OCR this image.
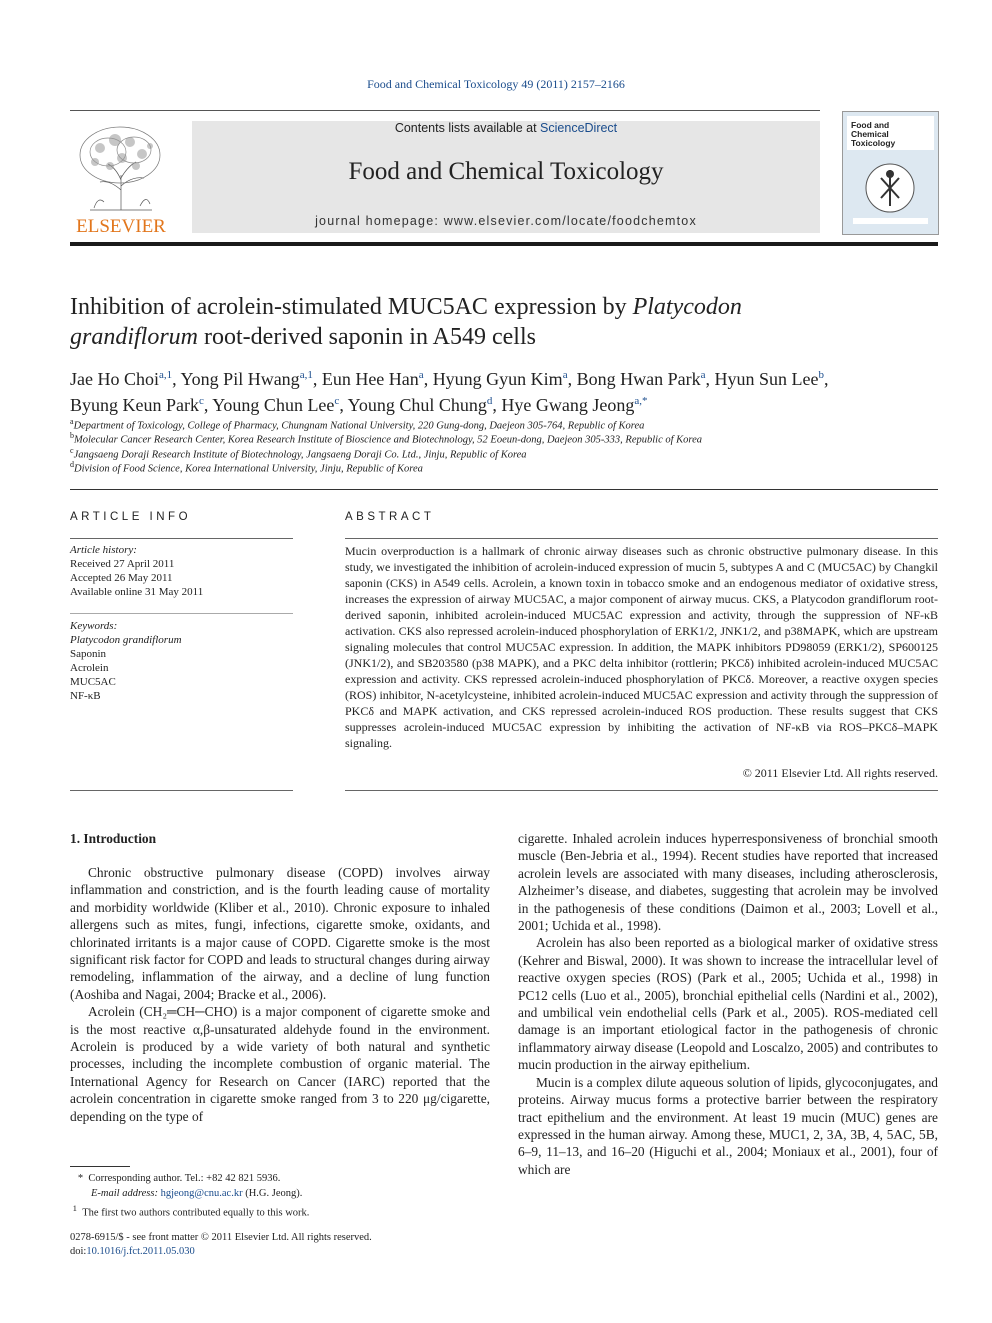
Food and Chemical Toxicology 49 (2011) 2157–2166
ELSEVIER
Contents lists available at ScienceDirect
Food and Chemical Toxicology
journal homepage: www.elsevier.com/locate/foodchemtox
Food and
Chemical
Toxicology
Inhibition of acrolein-stimulated MUC5AC expression by Platycodon
grandiflorum root-derived saponin in A549 cells
Jae Ho Choi$^{a,1}$, Yong Pil Hwang$^{a,1}$, Eun Hee Han$^a$, Hyung Gyun Kim$^a$, Bong Hwan Park$^a$, Hyun Sun Lee$^b$,
Byung Keun Park$^c$, Young Chun Lee$^c$, Young Chul Chung$^d$, Hye Gwang Jeong$^{a,*}$
$^a$Department of Toxicology, College of Pharmacy, Chungnam National University, 220 Gung-dong, Daejeon 305-764, Republic of Korea
$^b$Molecular Cancer Research Center, Korea Research Institute of Bioscience and Biotechnology, 52 Eoeun-dong, Daejeon 305-333, Republic of Korea
$^c$Jangsaeng Doraji Research Institute of Biotechnology, Jangsaeng Doraji Co. Ltd., Jinju, Republic of Korea
$^d$Division of Food Science, Korea International University, Jinju, Republic of Korea
ARTICLE INFO
Article history:
Received 27 April 2011
Accepted 26 May 2011
Available online 31 May 2011
Keywords:
Platycodon grandiflorum
Saponin
Acrolein
MUC5AC
NF-κB
ABSTRACT
Mucin overproduction is a hallmark of chronic airway diseases such as chronic obstructive pulmonary disease. In this study, we investigated the inhibition of acrolein-induced expression of mucin 5, subtypes A and C (MUC5AC) by Changkil saponin (CKS) in A549 cells. Acrolein, a known toxin in tobacco smoke and an endogenous mediator of oxidative stress, increases the expression of airway MUC5AC, a major component of airway mucus. CKS, a Platycodon grandiflorum root-derived saponin, inhibited acrolein-induced MUC5AC expression and activity, through the suppression of NF-κB activation. CKS also repressed acrolein-induced phosphorylation of ERK1/2, JNK1/2, and p38MAPK, which are upstream signaling molecules that control MUC5AC expression. In addition, the MAPK inhibitors PD98059 (ERK1/2), SP600125 (JNK1/2), and SB203580 (p38 MAPK), and a PKC delta inhibitor (rottlerin; PKCδ) inhibited acrolein-induced MUC5AC expression and activity. CKS repressed acrolein-induced phosphorylation of PKCδ. Moreover, a reactive oxygen species (ROS) inhibitor, N-acetylcysteine, inhibited acrolein-induced MUC5AC expression and activity through the suppression of PKCδ and MAPK activation, and CKS repressed acrolein-induced ROS production. These results suggest that CKS suppresses acrolein-induced MUC5AC expression by inhibiting the activation of NF-κB via ROS–PKCδ–MAPK signaling.
© 2011 Elsevier Ltd. All rights reserved.
1. Introduction

Chronic obstructive pulmonary disease (COPD) involves airway inflammation and constriction, and is the fourth leading cause of mortality and morbidity worldwide (Kliber et al., 2010). Chronic exposure to inhaled allergens such as mites, fungi, infections, cigarette smoke, oxidants, and chlorinated irritants is a major cause of COPD. Cigarette smoke is the most significant risk factor for COPD and leads to structural changes during airway remodeling, inflammation of the airway, and a decline of lung function (Aoshiba and Nagai, 2004; Bracke et al., 2006).

Acrolein (CH₂═CH─CHO) is a major component of cigarette smoke and is the most reactive α,β-unsaturated aldehyde found in the environment. Acrolein is produced by a wide variety of both natural and synthetic processes, including the incomplete combustion of organic material. The International Agency for Research on Cancer (IARC) reported that the acrolein concentration in cigarette smoke ranged from 3 to 220 μg/cigarette, depending on the type of

cigarette. Inhaled acrolein induces hyperresponsiveness of bronchial smooth muscle (Ben-Jebria et al., 1994). Recent studies have reported that increased acrolein levels are associated with many diseases, including atherosclerosis, Alzheimer’s disease, and diabetes, suggesting that acrolein may be involved in the pathogenesis of these conditions (Daimon et al., 2003; Lovell et al., 2001; Uchida et al., 1998).

Acrolein has also been reported as a biological marker of oxidative stress (Kehrer and Biswal, 2000). It was shown to increase the intracellular level of reactive oxygen species (ROS) (Park et al., 2005; Uchida et al., 1998) in PC12 cells (Luo et al., 2005), bronchial epithelial cells (Nardini et al., 2002), and umbilical vein endothelial cells (Park et al., 2005). ROS-mediated cell damage is an important etiological factor in the pathogenesis of chronic inflammatory airway disease (Leopold and Loscalzo, 2005) and contributes to mucin production in the airway epithelium.

Mucin is a complex dilute aqueous solution of lipids, glycoconjugates, and proteins. Airway mucus forms a protective barrier between the respiratory tract epithelium and the environment. At least 19 mucin (MUC) genes are expressed in the human airway. Among these, MUC1, 2, 3A, 3B, 4, 5AC, 5B, 6–9, 11–13, and 16–20 (Higuchi et al., 2004; Moniaux et al., 2001), four of which are

*  Corresponding author. Tel.: +82 42 821 5936.
E-mail address: hgjeong@cnu.ac.kr (H.G. Jeong).
$^1$ The first two authors contributed equally to this work.
0278-6915/$ - see front matter © 2011 Elsevier Ltd. All rights reserved.
doi:10.1016/j.fct.2011.05.030
